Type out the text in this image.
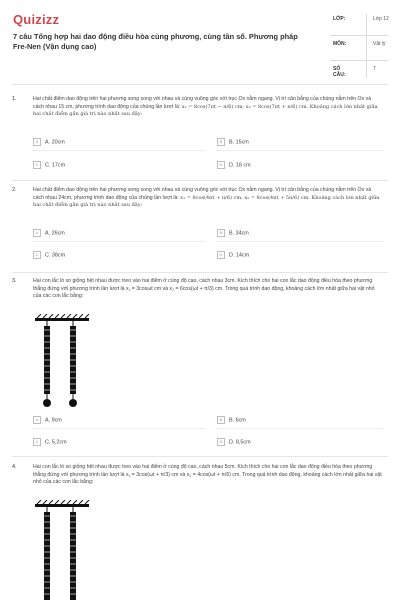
Quizizz
7 câu Tổng hợp hai dao động điều hòa cùng phương, cùng tần số. Phương pháp Fre-Nen (Vận dụng cao)
LỚP:	Lớp 12
MÔN:	Vật lý
SỐ CÂU:
7
1.	Hai chất điểm dao động trên hai phương song song với nhau và cùng vuông góc với trục Ox nằm ngang. Vị trí cân bằng của chúng nằm trên Ox và cách nhau 15 cm, phương trình dao động của chúng lần lượt là: x₁ = 8cos(7πt − π/6) cm; x₂ = 8cos(7πt + π/6) cm. Khoảng cách lớn nhất giữa hai chất điểm gần giá trị nào nhất sau đây:
A A. 20cm	B B. 15cm
C C. 17cm	D D. 18 cm
2.	Hai chất điểm dao động trên hai phương song song với nhau và cùng vuông góc với trục Ox nằm ngang. Vị trí cân bằng của chúng nằm trên Ox và cách nhau 24cm, phương trình dao động của chúng lần lượt là: x₁ = 8cos(4πt + π/6) cm; x₂ = 8cos(4πt + 5π/6) cm. Khoảng cách lớn nhất giữa hai chất điểm gần giá trị nào nhất sau đây:
A A. 26cm	B B. 34cm
C C. 38cm	D D. 14cm
3.	Hai con lắc lò xo giống hệt nhau được treo vào hai điểm ở cùng độ cao, cách nhau 3cm. Kích thích cho hai con lắc dao động điều hòa theo phương thẳng đứng với phương trình lần lượt là x₁ = 3cosωt cm và x₂ = 6cos(ωt + π/3) cm. Trong quá trình dao động, khoảng cách lớn nhất giữa hai vật nhỏ của các con lắc bằng:
A A. 9cm	B B. 6cm
C C. 5,2cm	D D. 8,5cm
4.	Hai con lắc lò xo giống hệt nhau được treo vào hai điểm ở cùng độ cao, cách nhau 5cm. Kích thích cho hai con lắc dao động điều hòa theo phương thẳng đứng với phương trình lần lượt là x₁ = 3cos(ωt + π/3) cm và x₂ = 4cos(ωt + π/6) cm. Trong quá trình dao động, khoảng cách lớn nhất giữa hai vật nhỏ của các con lắc bằng:
